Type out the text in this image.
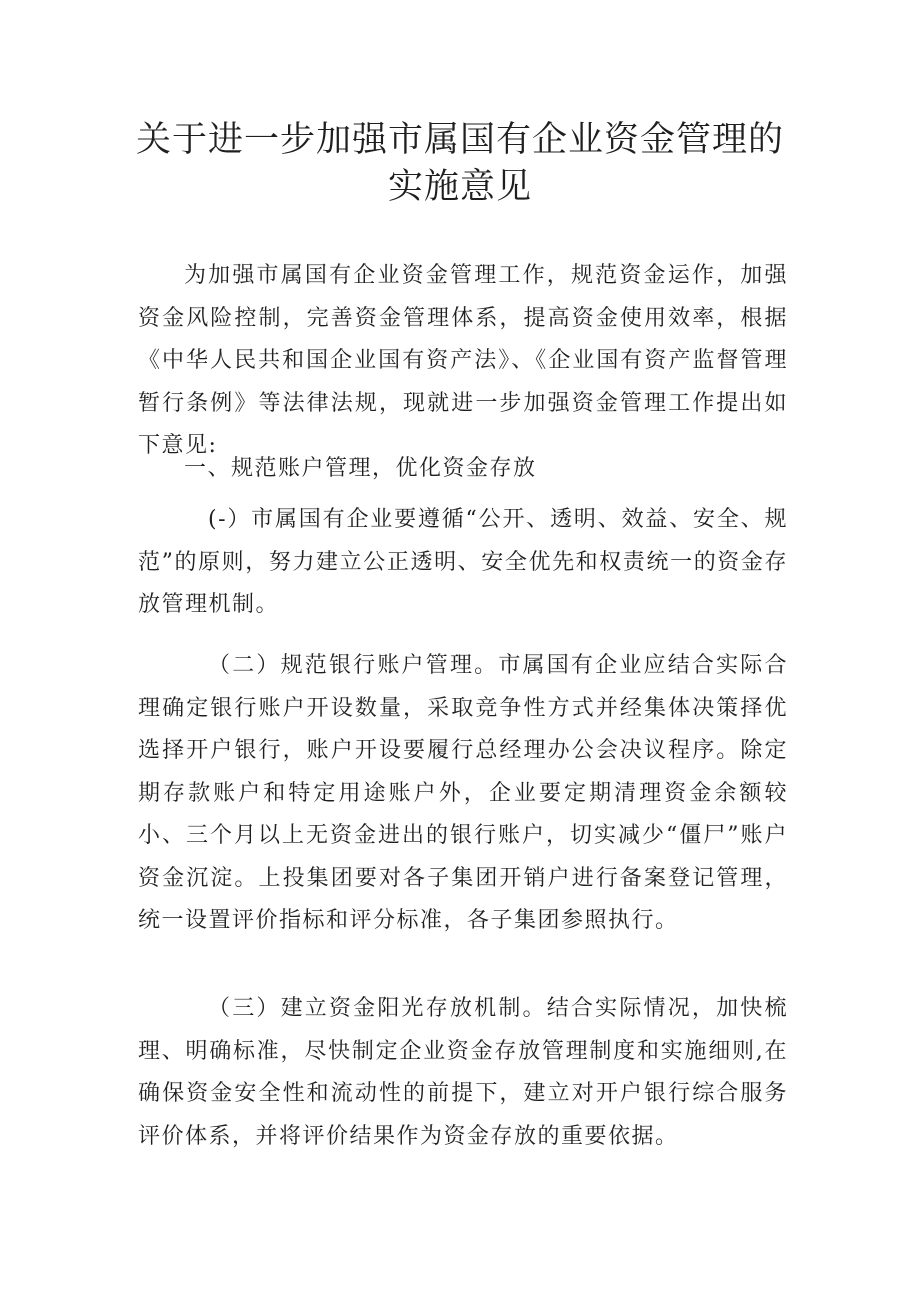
关于进一步加强市属国有企业资金管理的
实施意见
为加强市属国有企业资金管理工作，规范资金运作，加强资金风险控制，完善资金管理体系，提高资金使用效率，根据《中华人民共和国企业国有资产法》、《企业国有资产监督管理暂行条例》等法律法规，现就进一步加强资金管理工作提出如下意见:
一、规范账户管理，优化资金存放
(-）市属国有企业要遵循“公开、透明、效益、安全、规范”的原则，努力建立公正透明、安全优先和权责统一的资金存放管理机制。
（二）规范银行账户管理。市属国有企业应结合实际合理确定银行账户开设数量，采取竞争性方式并经集体决策择优选择开户银行，账户开设要履行总经理办公会决议程序。除定期存款账户和特定用途账户外，企业要定期清理资金余额较小、三个月以上无资金进出的银行账户，切实减少“僵尸”账户资金沉淀。上投集团要对各子集团开销户进行备案登记管理，统一设置评价指标和评分标准，各子集团参照执行。
（三）建立资金阳光存放机制。结合实际情况，加快梳理、明确标准，尽快制定企业资金存放管理制度和实施细则,在确保资金安全性和流动性的前提下，建立对开户银行综合服务评价体系，并将评价结果作为资金存放的重要依据。
